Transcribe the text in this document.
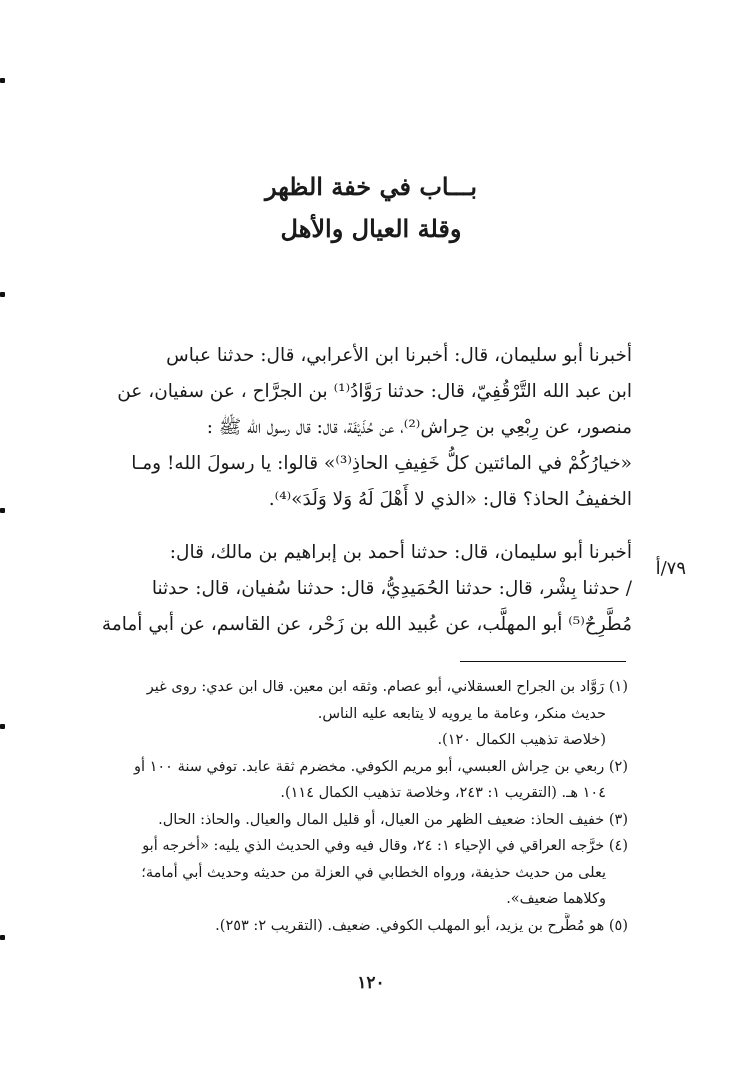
بـــاب في خفة الظهر
وقلة العيال والأهل
أخبرنا أبو سليمان، قال: أخبرنا ابن الأعرابي، قال: حدثنا عباس
ابن عبد الله التَّرْقُفِيّ، قال: حدثنا رَوَّادُ⁽¹⁾ بن الجرَّاح ، عن سفيان، عن
منصور، عن رِبْعِي بن حِراش⁽²⁾، عن حُذَيْفَة، قال: قال رسول الله ﷺ :
«خيارُكُمْ في المائتين كلُّ خَفِيفِ الحاذِ⁽³⁾» قالوا: يا رسولَ الله! ومـا
الخفيفُ الحاذ؟ قال: «الذي لا أَهْلَ لَهُ وَلا وَلَدَ»⁽⁴⁾.
أخبرنا أبو سليمان، قال: حدثنا أحمد بن إبراهيم بن مالك، قال:
/ حدثنا بِشْر، قال: حدثنا الحُمَيدِيُّ، قال: حدثنا سُفيان، قال: حدثنا
مُطَّرِحٌ⁽⁵⁾ أبو المهلَّب، عن عُبيد الله بن زَحْر، عن القاسم، عن أبي أمامة
٧٩/أ
(١) رَوَّاد بن الجراح العسقلاني، أبو عصام. وثقه ابن معين. قال ابن عدي: روى غير
حديث منكر، وعامة ما يرويه لا يتابعه عليه الناس.
(خلاصة تذهيب الكمال ١٢٠).
(٢) ربعي بن حِراش العبسي، أبو مريم الكوفي. مخضرم ثقة عابد. توفي سنة ١٠٠ أو
١٠٤ هـ. (التقريب ١: ٢٤٣، وخلاصة تذهيب الكمال ١١٤).
(٣) خفيف الحاذ: ضعيف الظهر من العيال، أو قليل المال والعيال. والحاذ: الحال.
(٤) خرَّجه العراقي في الإحياء ١: ٢٤، وقال فيه وفي الحديث الذي يليه: «أخرجه أبو
يعلى من حديث حذيفة، ورواه الخطابي في العزلة من حديثه وحديث أبي أمامة؛
وكلاهما ضعيف».
(٥) هو مُطَّرح بن يزيد، أبو المهلب الكوفي. ضعيف. (التقريب ٢: ٢٥٣).
١٢٠
